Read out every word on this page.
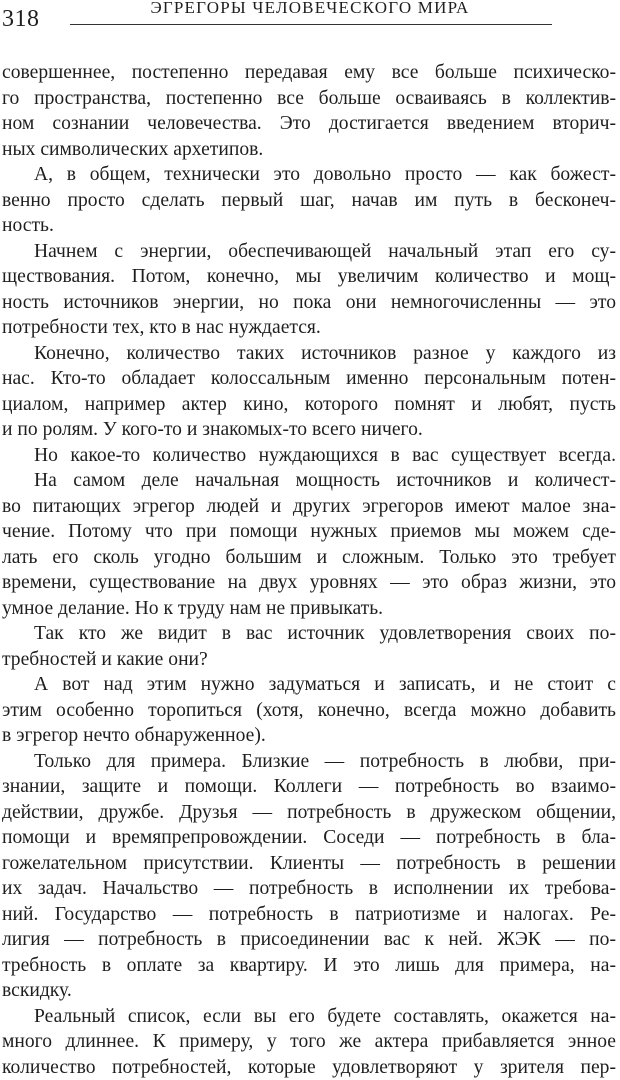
318	ЭГРЕГОРЫ ЧЕЛОВЕЧЕСКОГО МИРА
совершеннее, постепенно передавая ему все больше психическо-
го пространства, постепенно все больше осваиваясь в коллектив-
ном сознании человечества. Это достигается введением вторич-
ных символических архетипов.
А, в общем, технически это довольно просто — как божест-
венно просто сделать первый шаг, начав им путь в бесконеч-
ность.
Начнем с энергии, обеспечивающей начальный этап его су-
ществования. Потом, конечно, мы увеличим количество и мощ-
ность источников энергии, но пока они немногочисленны — это
потребности тех, кто в нас нуждается.
Конечно, количество таких источников разное у каждого из
нас. Кто-то обладает колоссальным именно персональным потен-
циалом, например актер кино, которого помнят и любят, пусть
и по ролям. У кого-то и знакомых-то всего ничего.
Но какое-то количество нуждающихся в вас существует всегда.
На самом деле начальная мощность источников и количест-
во питающих эгрегор людей и других эгрегоров имеют малое зна-
чение. Потому что при помощи нужных приемов мы можем сде-
лать его сколь угодно большим и сложным. Только это требует
времени, существование на двух уровнях — это образ жизни, это
умное делание. Но к труду нам не привыкать.
Так кто же видит в вас источник удовлетворения своих по-
требностей и какие они?
А вот над этим нужно задуматься и записать, и не стоит с
этим особенно торопиться (хотя, конечно, всегда можно добавить
в эгрегор нечто обнаруженное).
Только для примера. Близкие — потребность в любви, при-
знании, защите и помощи. Коллеги — потребность во взаимо-
действии, дружбе. Друзья — потребность в дружеском общении,
помощи и времяпрепровождении. Соседи — потребность в бла-
гожелательном присутствии. Клиенты — потребность в решении
их задач. Начальство — потребность в исполнении их требова-
ний. Государство — потребность в патриотизме и налогах. Ре-
лигия — потребность в присоединении вас к ней. ЖЭК — по-
требность в оплате за квартиру. И это лишь для примера, на-
вскидку.
Реальный список, если вы его будете составлять, окажется на-
много длиннее. К примеру, у того же актера прибавляется энное
количество потребностей, которые удовлетворяют у зрителя пер-
